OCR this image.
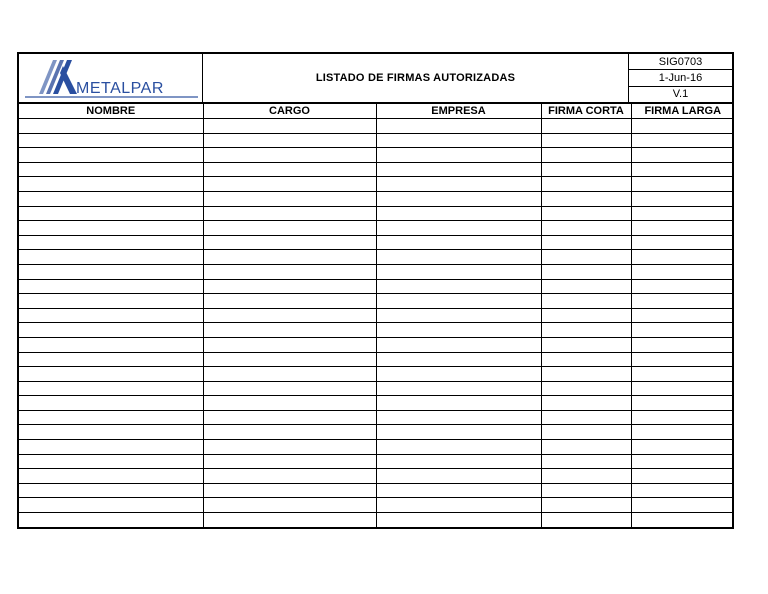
METALPAR
LISTADO DE FIRMAS AUTORIZADAS
SIG0703
1-Jun-16
V.1
NOMBRE	CARGO	EMPRESA	FIRMA CORTA	FIRMA LARGA
